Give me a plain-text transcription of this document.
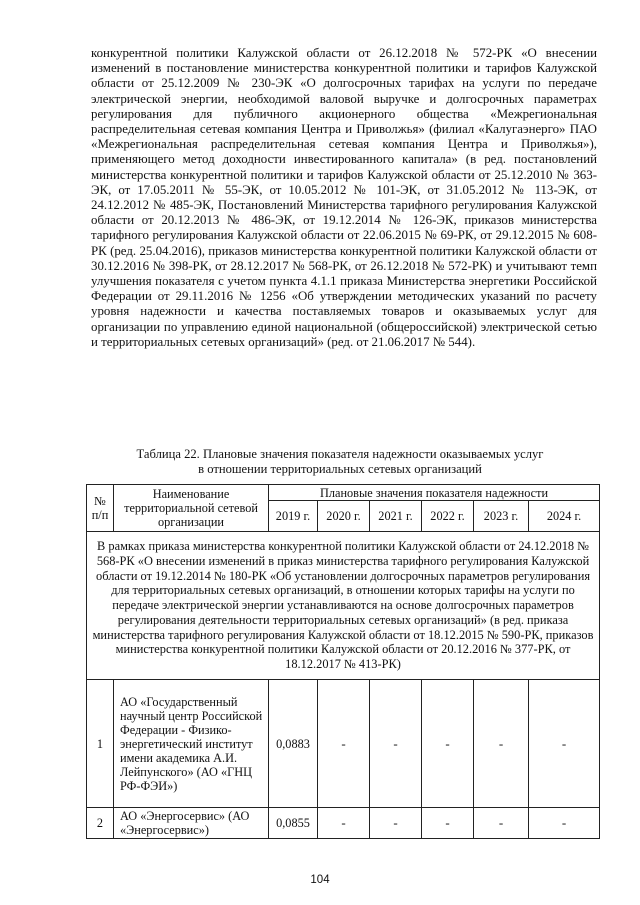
конкурентной политики Калужской области от 26.12.2018 № 572-РК «О внесении изменений в постановление министерства конкурентной политики и тарифов Калужской области от 25.12.2009 № 230-ЭК «О долгосрочных тарифах на услуги по передаче электрической энергии, необходимой валовой выручке и долгосрочных параметрах регулирования для публичного акционерного общества «Межрегиональная распределительная сетевая компания Центра и Приволжья» (филиал «Калугаэнерго» ПАО «Межрегиональная распределительная сетевая компания Центра и Приволжья»), применяющего метод доходности инвестированного капитала» (в ред. постановлений министерства конкурентной политики и тарифов Калужской области от 25.12.2010 № 363-ЭК, от 17.05.2011 № 55-ЭК, от 10.05.2012 № 101-ЭК, от 31.05.2012 № 113-ЭК, от 24.12.2012 № 485-ЭК, Постановлений Министерства тарифного регулирования Калужской области от 20.12.2013 № 486-ЭК, от 19.12.2014 № 126-ЭК, приказов министерства тарифного регулирования Калужской области от 22.06.2015 № 69-РК, от 29.12.2015 № 608-РК (ред. 25.04.2016), приказов министерства конкурентной политики Калужской области от 30.12.2016 № 398-РК, от 28.12.2017 № 568-РК, от 26.12.2018 № 572-РК) и учитывают темп улучшения показателя с учетом пункта 4.1.1 приказа Министерства энергетики Российской Федерации от 29.11.2016 № 1256 «Об утверждении методических указаний по расчету уровня надежности и качества поставляемых товаров и оказываемых услуг для организации по управлению единой национальной (общероссийской) электрической сетью и территориальных сетевых организаций» (ред. от 21.06.2017 № 544).

Таблица 22. Плановые значения показателя надежности оказываемых услуг
в отношении территориальных сетевых организаций

№ п/п	Наименование территориальной сетевой организации	Плановые значения показателя надежности					
		2019 г.	2020 г.	2021 г.	2022 г.	2023 г.	2024 г.
В рамках приказа министерства конкурентной политики Калужской области от 24.12.2018 № 568-РК «О внесении изменений в приказ министерства тарифного регулирования Калужской области от 19.12.2014 № 180-РК «Об установлении долгосрочных параметров регулирования для территориальных сетевых организаций, в отношении которых тарифы на услуги по передаче электрической энергии устанавливаются на основе долгосрочных параметров регулирования деятельности территориальных сетевых организаций» (в ред. приказа министерства тарифного регулирования Калужской области от 18.12.2015 № 590-РК, приказов министерства конкурентной политики Калужской области от 20.12.2016 № 377-РК, от 18.12.2017 № 413-РК)							
1	АО «Государственный научный центр Российской Федерации - Физико-энергетический институт имени академика А.И. Лейпунского» (АО «ГНЦ РФ-ФЭИ»)	0,0883	-	-	-	-	-
2	АО «Энергосервис» (АО «Энергосервис»)	0,0855	-	-	-	-	-
104
